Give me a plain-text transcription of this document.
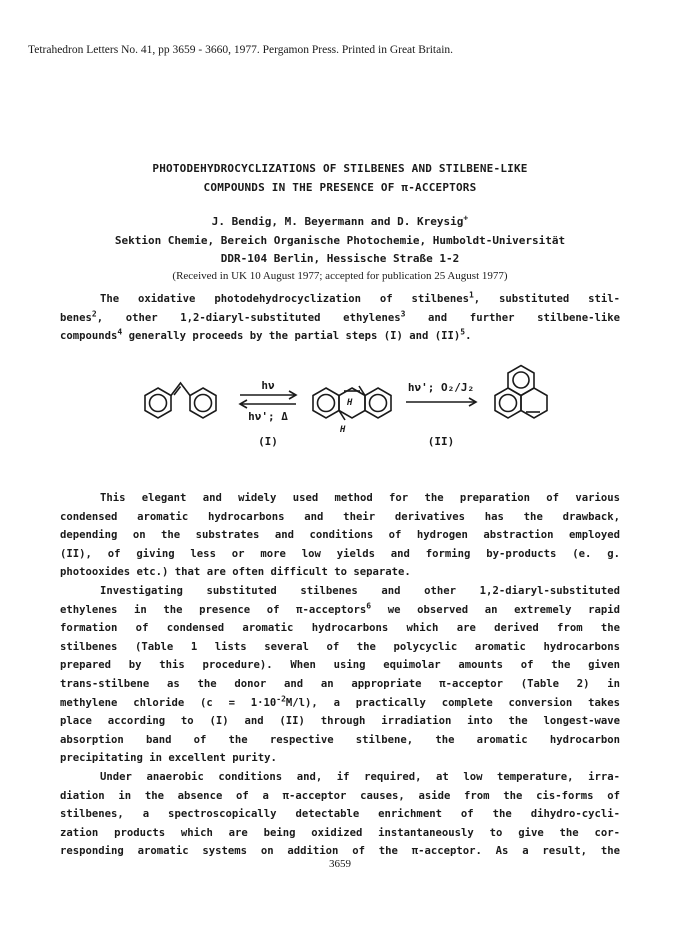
Tetrahedron Letters No. 41, pp 3659 - 3660, 1977. Pergamon Press. Printed in Great Britain.
PHOTODEHYDROCYCLIZATIONS OF STILBENES AND STILBENE-LIKE
COMPOUNDS IN THE PRESENCE OF π-ACCEPTORS
J. Bendig, M. Beyermann and D. Kreysig+
Sektion Chemie, Bereich Organische Photochemie, Humboldt-Universität
DDR-104 Berlin, Hessische Straße 1-2
(Received in UK 10 August 1977; accepted for publication 25 August 1977)
The oxidative photodehydrocyclization of stilbenes$^1$, substituted stil-
benes$^2$, other 1,2-diaryl-substituted ethylenes$^3$ and further stilbene-like
compounds$^4$ generally proceeds by the partial steps (I) and (II)$^5$.
hν
hν'; Δ
(I)
hν'; O₂/J₂
(II)
H
H
This elegant and widely used method for the preparation of various
condensed aromatic hydrocarbons and their derivatives has the drawback,
depending on the substrates and conditions of hydrogen abstraction employed
(II), of giving less or more low yields and forming by-products (e. g.
photooxides etc.) that are often difficult to separate.
Investigating substituted stilbenes and other 1,2-diaryl-substituted
ethylenes in the presence of π-acceptors$^6$ we observed an extremely rapid
formation of condensed aromatic hydrocarbons which are derived from the
stilbenes (Table 1 lists several of the polycyclic aromatic hydrocarbons
prepared by this procedure). When using equimolar amounts of the given
trans-stilbene as the donor and an appropriate π-acceptor (Table 2) in
methylene chloride $(c = 1\cdot 10^{-2}M/l)$, a practically complete conversion takes
place according to (I) and (II) through irradiation into the longest-wave
absorption band of the respective stilbene, the aromatic hydrocarbon
precipitating in excellent purity.
Under anaerobic conditions and, if required, at low temperature, irra-
diation in the absence of a π-acceptor causes, aside from the cis-forms of
stilbenes, a spectroscopically detectable enrichment of the dihydro-cycli-
zation products which are being oxidized instantaneously to give the cor-
responding aromatic systems on addition of the π-acceptor. As a result, the
3659
